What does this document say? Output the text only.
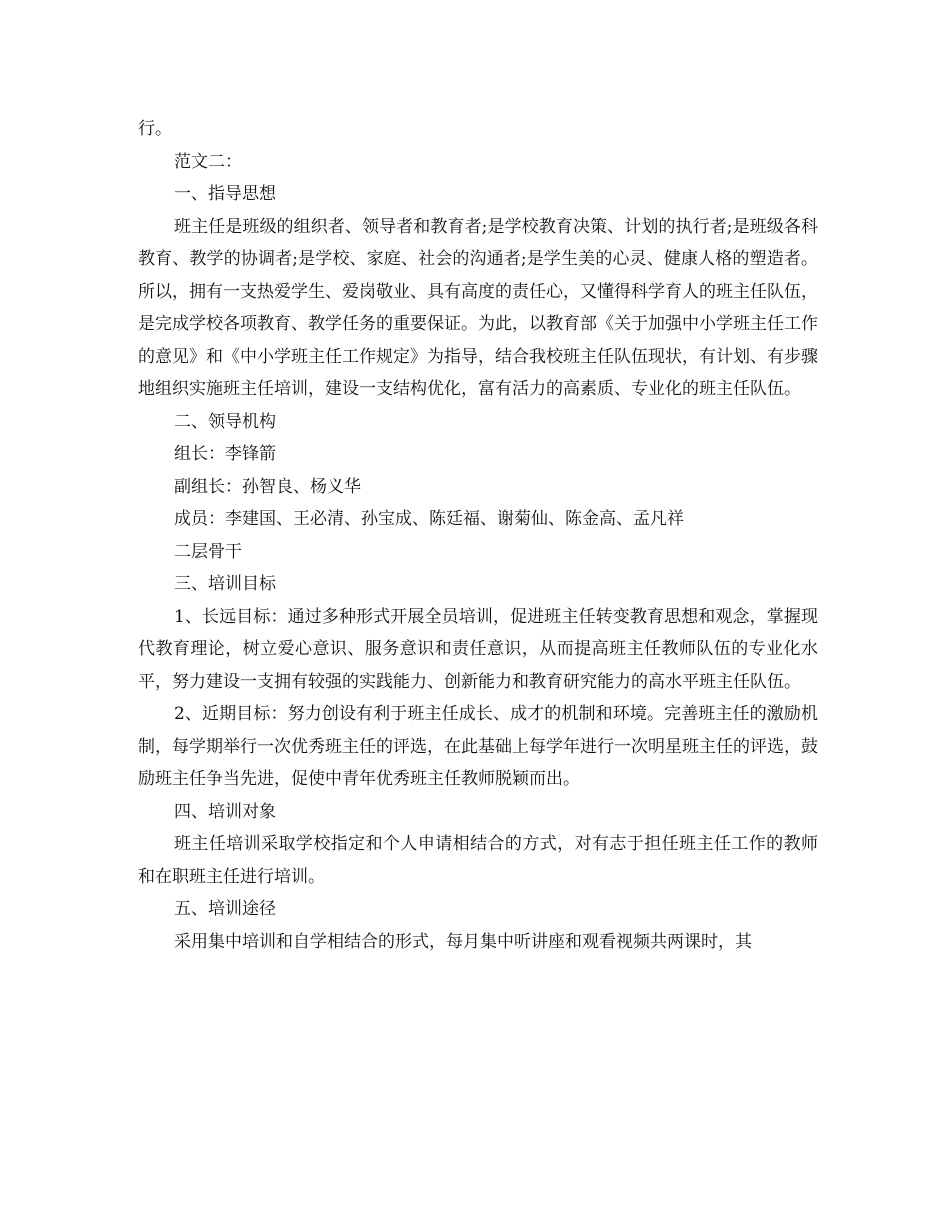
行。

范文二：

一、指导思想

班主任是班级的组织者、领导者和教育者;是学校教育决策、计划的执行者;是班级各科教育、教学的协调者;是学校、家庭、社会的沟通者;是学生美的心灵、健康人格的塑造者。所以，拥有一支热爱学生、爱岗敬业、具有高度的责任心，又懂得科学育人的班主任队伍，是完成学校各项教育、教学任务的重要保证。为此，以教育部《关于加强中小学班主任工作的意见》和《中小学班主任工作规定》为指导，结合我校班主任队伍现状，有计划、有步骤地组织实施班主任培训，建设一支结构优化，富有活力的高素质、专业化的班主任队伍。

二、领导机构

组长：李锋箭

副组长：孙智良、杨义华

成员：李建国、王必清、孙宝成、陈廷福、谢菊仙、陈金高、孟凡祥

二层骨干

三、培训目标

1、长远目标：通过多种形式开展全员培训，促进班主任转变教育思想和观念，掌握现代教育理论，树立爱心意识、服务意识和责任意识，从而提高班主任教师队伍的专业化水平，努力建设一支拥有较强的实践能力、创新能力和教育研究能力的高水平班主任队伍。

2、近期目标：努力创设有利于班主任成长、成才的机制和环境。完善班主任的激励机制，每学期举行一次优秀班主任的评选，在此基础上每学年进行一次明星班主任的评选，鼓励班主任争当先进，促使中青年优秀班主任教师脱颖而出。

四、培训对象

班主任培训采取学校指定和个人申请相结合的方式，对有志于担任班主任工作的教师和在职班主任进行培训。

五、培训途径

采用集中培训和自学相结合的形式，每月集中听讲座和观看视频共两课时，其
